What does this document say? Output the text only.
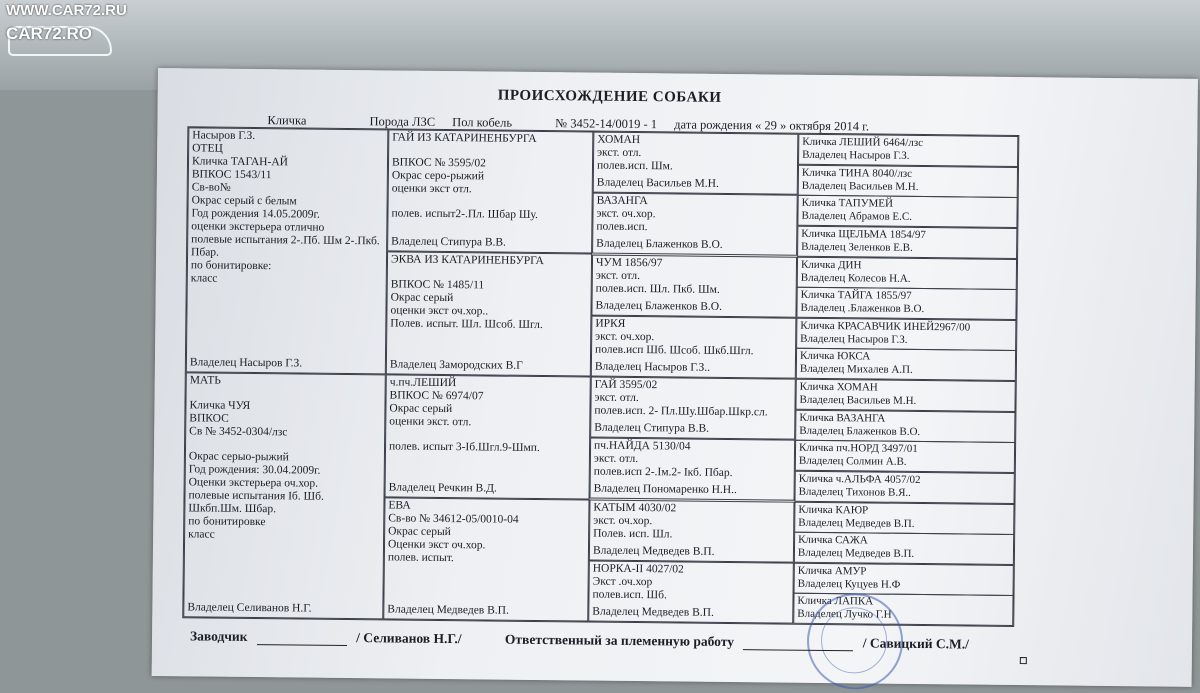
WWW.CAR72.RU
CAR72.RO
ПРОИСХОЖДЕНИЕ СОБАКИ
Кличка	Порода ЛЗС Пол кобель	№ 3452-14/0019 - 1 дата рождения « 29 » октября 2014 г.
Насыров Г.З.
ОТЕЦ
Кличка ТАГАН-АЙ
ВПКОС 1543/11
Св-во№
Окрас серый с белым
Год рождения 14.05.2009г.
оценки экстерьера отлично
полевые испытания 2-.Пб. Шм 2-.Пкб.
Пбар.
по бонитировке:
класс
Владелец Насыров Г.З.
МАТЬ
Кличка ЧУЯ
ВПКОС
Св № 3452-0304/лзс
Окрас серыо-рыжий
Год рождения: 30.04.2009г.
Оценки экстерьера оч.хор.
полевые испытания Iб. Шб.
Шкбп.Шм. Шбар.
по бонитировке
класс
Владелец Селиванов Н.Г.
ГАЙ ИЗ КАТАРИНЕНБУРГА
ВПКОС № 3595/02
Окрас серо-рыжий
оценки экст отл.
полев. испыт2-.Пл. Шбар Шу.
Владелец Стипура В.В.
ЭКВА ИЗ КАТАРИНЕНБУРГА
ВПКОС № 1485/11
Окрас серый
оценки экст оч.хор..
Полев. испыт. Шл. Шсоб. Шгл.
Владелец Замородских В.Г
ч.пч.ЛЕШИЙ
ВПКОС № 6974/07
Окрас серый
оценки экст. отл.
полев. испыт 3-Iб.Шгл.9-Шмп.
Владелец Речкин В.Д.
ЕВА
Св-во № 34612-05/0010-04
Окрас серый
Оценки экст оч.хор.
полев. испыт.
Владелец Медведев В.П.
ХОМАН
экст. отл.
полев.исп. Шм.
Владелец Васильев М.Н.
ВАЗАНГА
экст. оч.хор.
полев.исп.
Владелец Блаженков В.О.
ЧУМ 1856/97
экст. отл.
полев.исп. Шл. Пкб. Шм.
Владелец Блаженков В.О.
ИРКЯ
экст. оч.хор.
полев.исп Шб. Шсоб. Шкб.Шгл.
Владелец Насыров Г.З..
ГАЙ 3595/02
экст. отл.
полев.исп. 2- Пл.Шу.Шбар.Шкр.сл.
Владелец Стипура В.В.
пч.НАЙДА 5130/04
экст. отл.
полев.исп 2-.Iм.2- Iкб. Пбар.
Владелец Пономаренко Н.Н..
КАТЫМ 4030/02
экст. оч.хор.
Полев. исп. Шл.
Владелец Медведев В.П.
НОРКА-II 4027/02
Экст .оч.хор
полев.исп. Шб.
Владелец Медведев В.П.
Кличка ЛЕШИЙ 6464/лзс
Владелец Насыров Г.З.
Кличка ТИНА 8040/лзс
Владелец Васильев М.Н.
Кличка ТАПУМЕЙ
Владелец Абрамов Е.С.
Кличка ЩЕЛЬМА 1854/97
Владелец Зеленков Е.В.
Кличка ДИН
Владелец Колесов Н.А.
Кличка ТАЙГА 1855/97
Владелец .Блаженков В.О.
Кличка КРАСАВЧИК ИНЕЙ2967/00
Владелец Насыров Г.З.
Кличка ЮКСА
Владелец Михалев А.П.
Кличка ХОМАН
Владелец Васильев М.Н.
Кличка ВАЗАНГА
Владелец Блаженков В.О.
Кличка пч.НОРД 3497/01
Владелец Солмин А.В.
Кличка ч.АЛЬФА 4057/02
Владелец Тихонов В.Я..
Кличка КАЮР
Владелец Медведев В.П.
Кличка САЖА
Владелец Медведев В.П.
Кличка АМУР
Владелец Куцуев Н.Ф
Кличка ЛАПКА
Владелец Лучко Г.Н
Заводчик	/ Селиванов Н.Г./	Ответственный за племенную работу	/ Савицкий С.М./
